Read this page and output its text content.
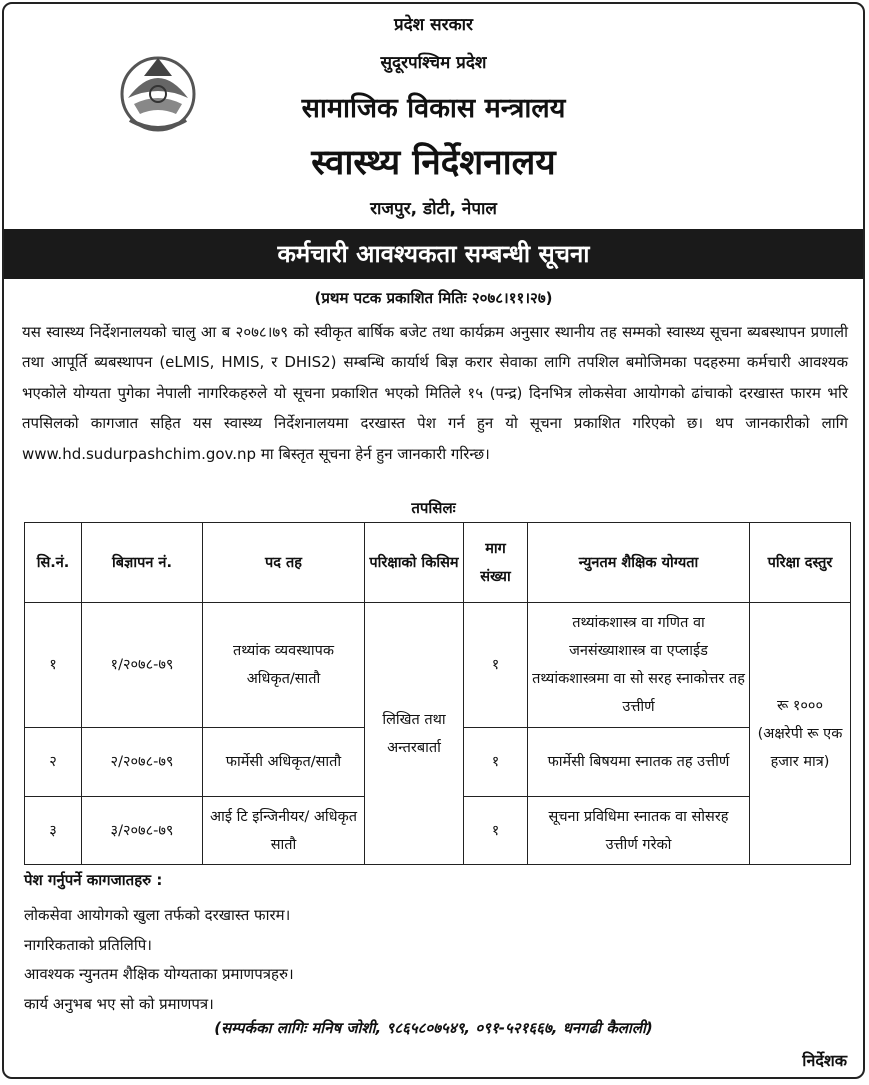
प्रदेश सरकार
सुदूरपश्चिम प्रदेश
सामाजिक विकास मन्त्रालय
स्वास्थ्य निर्देशनालय
राजपुर, डोटी, नेपाल
कर्मचारी आवश्यकता सम्बन्धी सूचना
(प्रथम पटक प्रकाशित मितिः २०७८।११।२७)

यस स्वास्थ्य निर्देशनालयको चालु आ ब २०७८।७९ को स्वीकृत बार्षिक बजेट तथा कार्यक्रम अनुसार स्थानीय तह सम्मको स्वास्थ्य सूचना ब्यबस्थापन प्रणाली तथा आपूर्ति ब्यबस्थापन (eLMIS, HMIS, र DHIS2) सम्बन्धि कार्यार्थ बिज्ञ करार सेवाका लागि तपशिल बमोजिमका पदहरुमा कर्मचारी आवश्यक भएकोले योग्यता पुगेका नेपाली नागरिकहरुले यो सूचना प्रकाशित भएको मितिले १५ (पन्द्र) दिनभित्र लोकसेवा आयोगको ढांचाको दरखास्त फारम भरि तपसिलको कागजात सहित यस स्वास्थ्य निर्देशनालयमा दरखास्त पेश गर्न हुन यो सूचना प्रकाशित गरिएको छ। थप जानकारीको लागि www.hd.sudurpashchim.gov.np मा बिस्तृत सूचना हेर्न हुन जानकारी गरिन्छ।

तपसिलः
सि.नं.	बिज्ञापन नं.	पद तह	परिक्षाको किसिम	माग संख्या	न्युनतम शैक्षिक योग्यता	परिक्षा दस्तुर
१	१/२०७८-७९	तथ्यांक व्यवस्थापक अधिकृत/सातौ	लिखित तथा अन्तरबार्ता	१	तथ्यांकशास्त्र वा गणित वा जनसंख्याशास्त्र वा एप्लाईड तथ्यांकशास्त्रमा वा सो सरह स्नाकोत्तर तह उत्तीर्ण	रू १००० (अक्षरेपी रू एक हजार मात्र)
२	२/२०७८-७९	फार्मेसी अधिकृत/सातौ		१	फार्मेसी बिषयमा स्नातक तह उत्तीर्ण	
३	३/२०७८-७९	आई टि इन्जिनीयर/ अधिकृत सातौ		१	सूचना प्रविधिमा स्नातक वा सोसरह उत्तीर्ण गरेको	
पेश गर्नुपर्ने कागजातहरु :
लोकसेवा आयोगको खुला तर्फको दरखास्त फारम।
नागरिकताको प्रतिलिपि।
आवश्यक न्युनतम शैक्षिक योग्यताका प्रमाणपत्रहरु।
कार्य अनुभब भए सो को प्रमाणपत्र।
(सम्पर्कका लागिः मनिष जोशी, ९८६५८०७५४९, ०९१-५२१६६७, धनगढी कैलाली)
निर्देशक
